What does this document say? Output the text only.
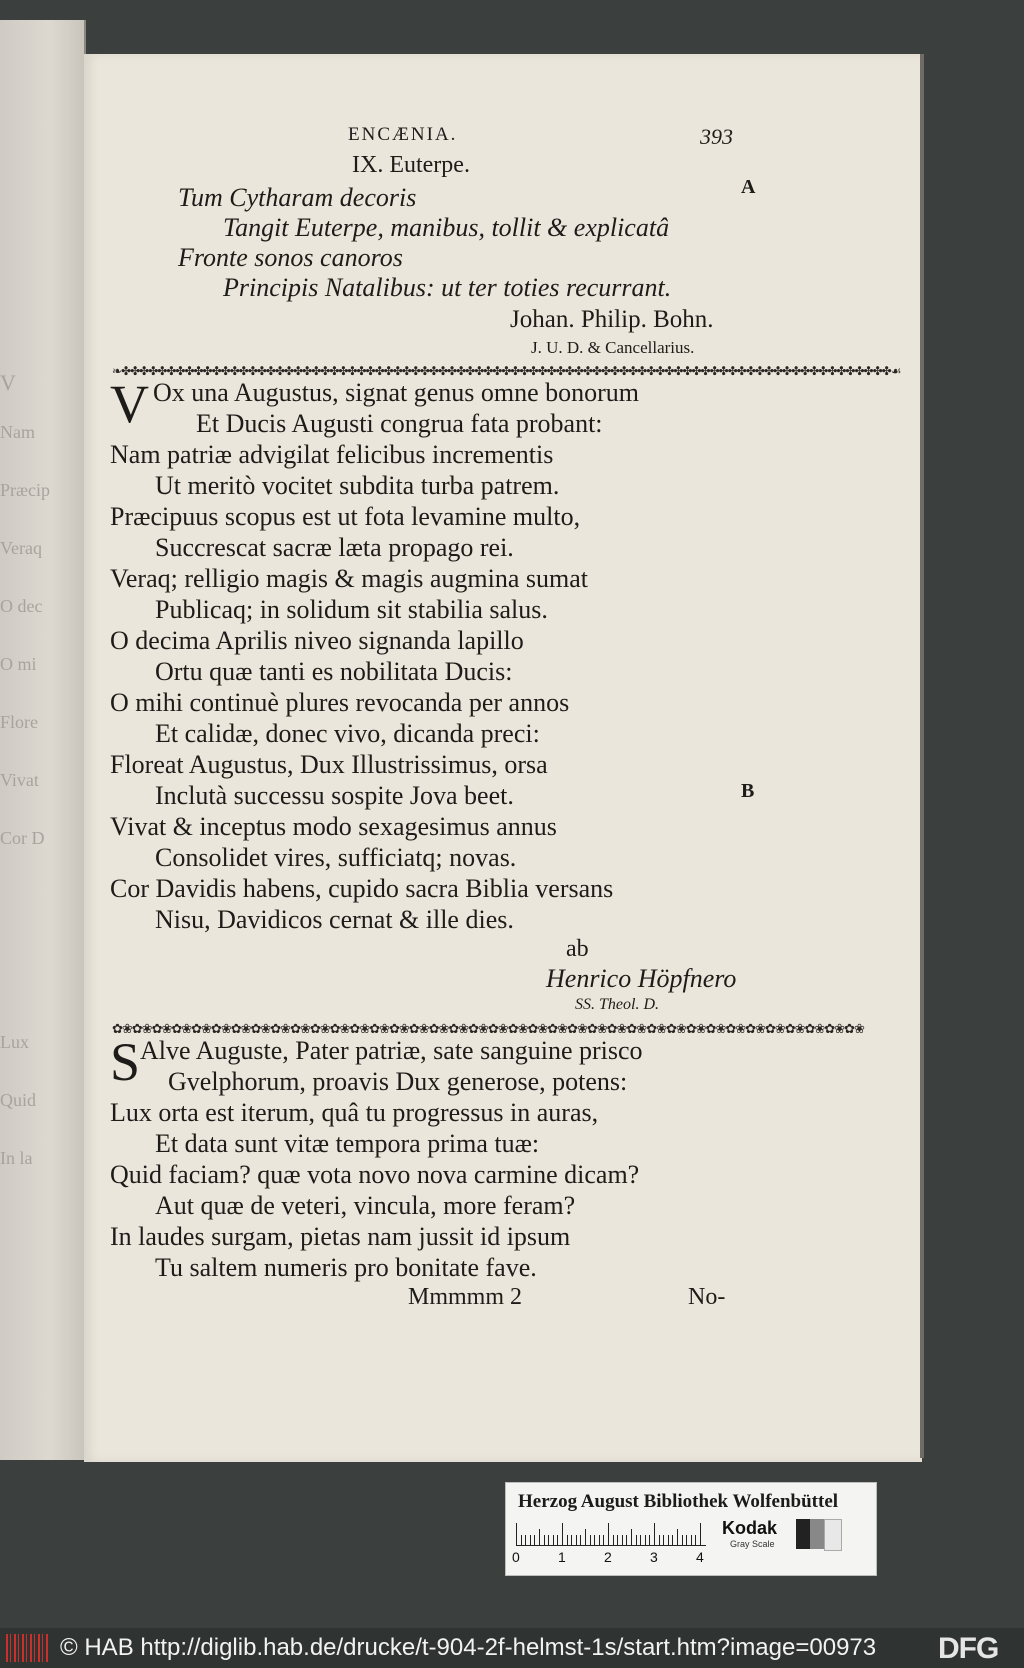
V
Nam
Præcip
Veraq
O dec
O mi
Flore
Vivat
Cor D
Lux
Quid
In la
ENCÆNIA.	393
A
IX. Euterpe.
Tum Cytharam decoris
Tangit Euterpe, manibus, tollit & explicatâ
Fronte sonos canoros
Principis Natalibus: ut ter toties recurrant.
Johan. Philip. Bohn.
J. U. D. & Cancellarius.
❧✤✤✤✤✤✤✤✤✤✤✤✤✤✤✤✤✤✤✤✤✤✤✤✤✤✤✤✤✤✤✤✤✤✤✤✤✤✤✤✤✤✤✤✤✤✤✤✤✤✤✤✤✤✤✤✤✤✤✤✤✤✤✤✤✤✤✤✤✤✤✤✤✤✤✤✤✤✤✤✤✤✤✤✤✤☙
V Ox una Augustus, signat genus omne bonorum
Et Ducis Augusti congrua fata probant:
Nam patriæ advigilat felicibus incrementis
Ut meritò vocitet subdita turba patrem.
Præcipuus scopus est ut fota levamine multo,
Succrescat sacræ læta propago rei.
Veraq; relligio magis & magis augmina sumat
Publicaq; in solidum sit stabilia salus.
O decima Aprilis niveo signanda lapillo
Ortu quæ tanti es nobilitata Ducis:
O mihi continuè plures revocanda per annos
Et calidæ, donec vivo, dicanda preci:
Floreat Augustus, Dux Illustrissimus, orsa
Inclutà successu sospite Jova beet.	B
Vivat & inceptus modo sexagesimus annus
Consolidet vires, sufficiatq; novas.
Cor Davidis habens, cupido sacra Biblia versans
Nisu, Davidicos cernat & ille dies.
ab
Henrico Höpfnero
SS. Theol. D.
✿❀✿❀✿❀✿❀✿❀✿❀✿❀✿❀✿❀✿❀✿❀✿❀✿❀✿❀✿❀✿❀✿❀✿❀✿❀✿❀✿❀✿❀✿❀✿❀✿❀✿❀✿❀✿❀✿❀✿❀✿❀✿❀✿❀✿❀✿❀✿❀✿❀✿❀
S Alve Auguste, Pater patriæ, sate sanguine prisco
Gvelphorum, proavis Dux generose, potens:
Lux orta est iterum, quâ tu progressus in auras,
Et data sunt vitæ tempora prima tuæ:
Quid faciam? quæ vota novo nova carmine dicam?
Aut quæ de veteri, vincula, more feram?
In laudes surgam, pietas nam jussit id ipsum
Tu saltem numeris pro bonitate fave.
Mmmmm 2	No-
Herzog August Bibliothek Wolfenbüttel
0	1	2	3	4
Kodak
Gray Scale
© HAB http://diglib.hab.de/drucke/t-904-2f-helmst-1s/start.htm?image=00973 DFG
